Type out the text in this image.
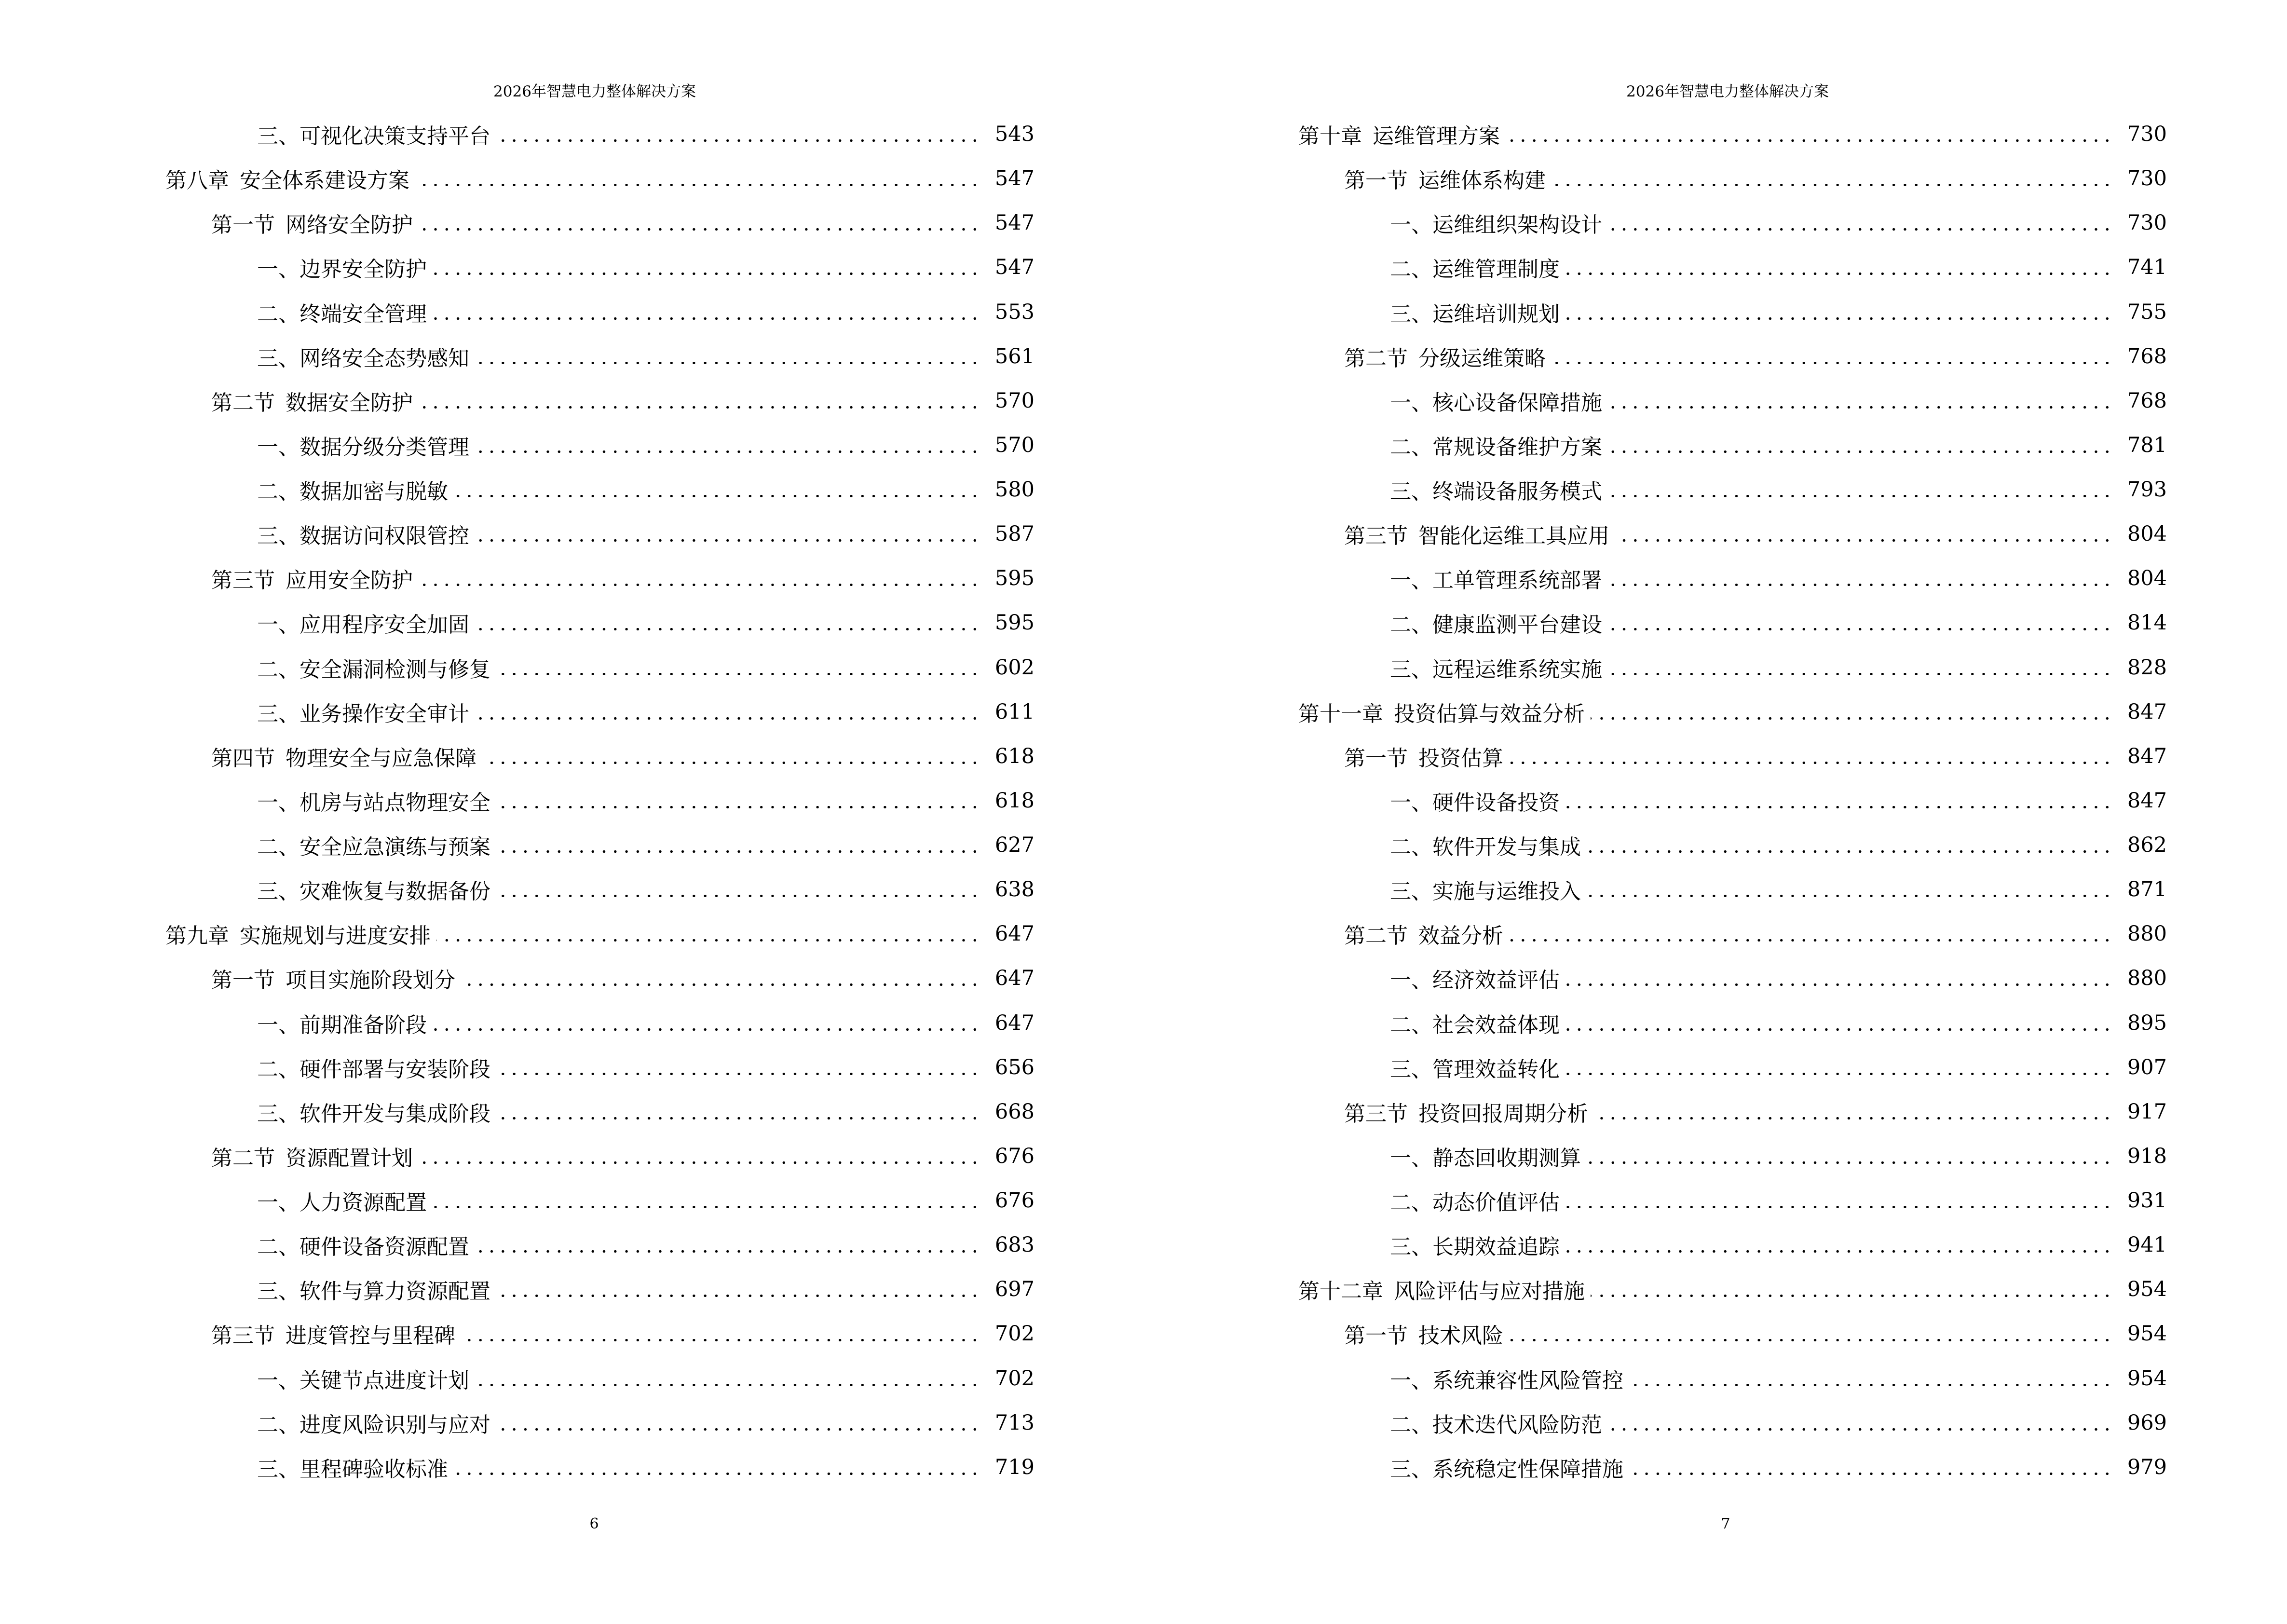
2026年智慧电力整体解决方案
三、可视化决策支持平台	543
第八章 安全体系建设方案	547
第一节 网络安全防护	547
一、边界安全防护	547
二、终端安全管理	553
三、网络安全态势感知	561
第二节 数据安全防护	570
一、数据分级分类管理	570
二、数据加密与脱敏	580
三、数据访问权限管控	587
第三节 应用安全防护	595
一、应用程序安全加固	595
二、安全漏洞检测与修复	602
三、业务操作安全审计	611
第四节 物理安全与应急保障	618
一、机房与站点物理安全	618
二、安全应急演练与预案	627
三、灾难恢复与数据备份	638
第九章 实施规划与进度安排	647
第一节 项目实施阶段划分	647
一、前期准备阶段	647
二、硬件部署与安装阶段	656
三、软件开发与集成阶段	668
第二节 资源配置计划	676
一、人力资源配置	676
二、硬件设备资源配置	683
三、软件与算力资源配置	697
第三节 进度管控与里程碑	702
一、关键节点进度计划	702
二、进度风险识别与应对	713
三、里程碑验收标准	719
6
2026年智慧电力整体解决方案
第十章 运维管理方案	730
第一节 运维体系构建	730
一、运维组织架构设计	730
二、运维管理制度	741
三、运维培训规划	755
第二节 分级运维策略	768
一、核心设备保障措施	768
二、常规设备维护方案	781
三、终端设备服务模式	793
第三节 智能化运维工具应用	804
一、工单管理系统部署	804
二、健康监测平台建设	814
三、远程运维系统实施	828
第十一章 投资估算与效益分析	847
第一节 投资估算	847
一、硬件设备投资	847
二、软件开发与集成	862
三、实施与运维投入	871
第二节 效益分析	880
一、经济效益评估	880
二、社会效益体现	895
三、管理效益转化	907
第三节 投资回报周期分析	917
一、静态回收期测算	918
二、动态价值评估	931
三、长期效益追踪	941
第十二章 风险评估与应对措施	954
第一节 技术风险	954
一、系统兼容性风险管控	954
二、技术迭代风险防范	969
三、系统稳定性保障措施	979
7
